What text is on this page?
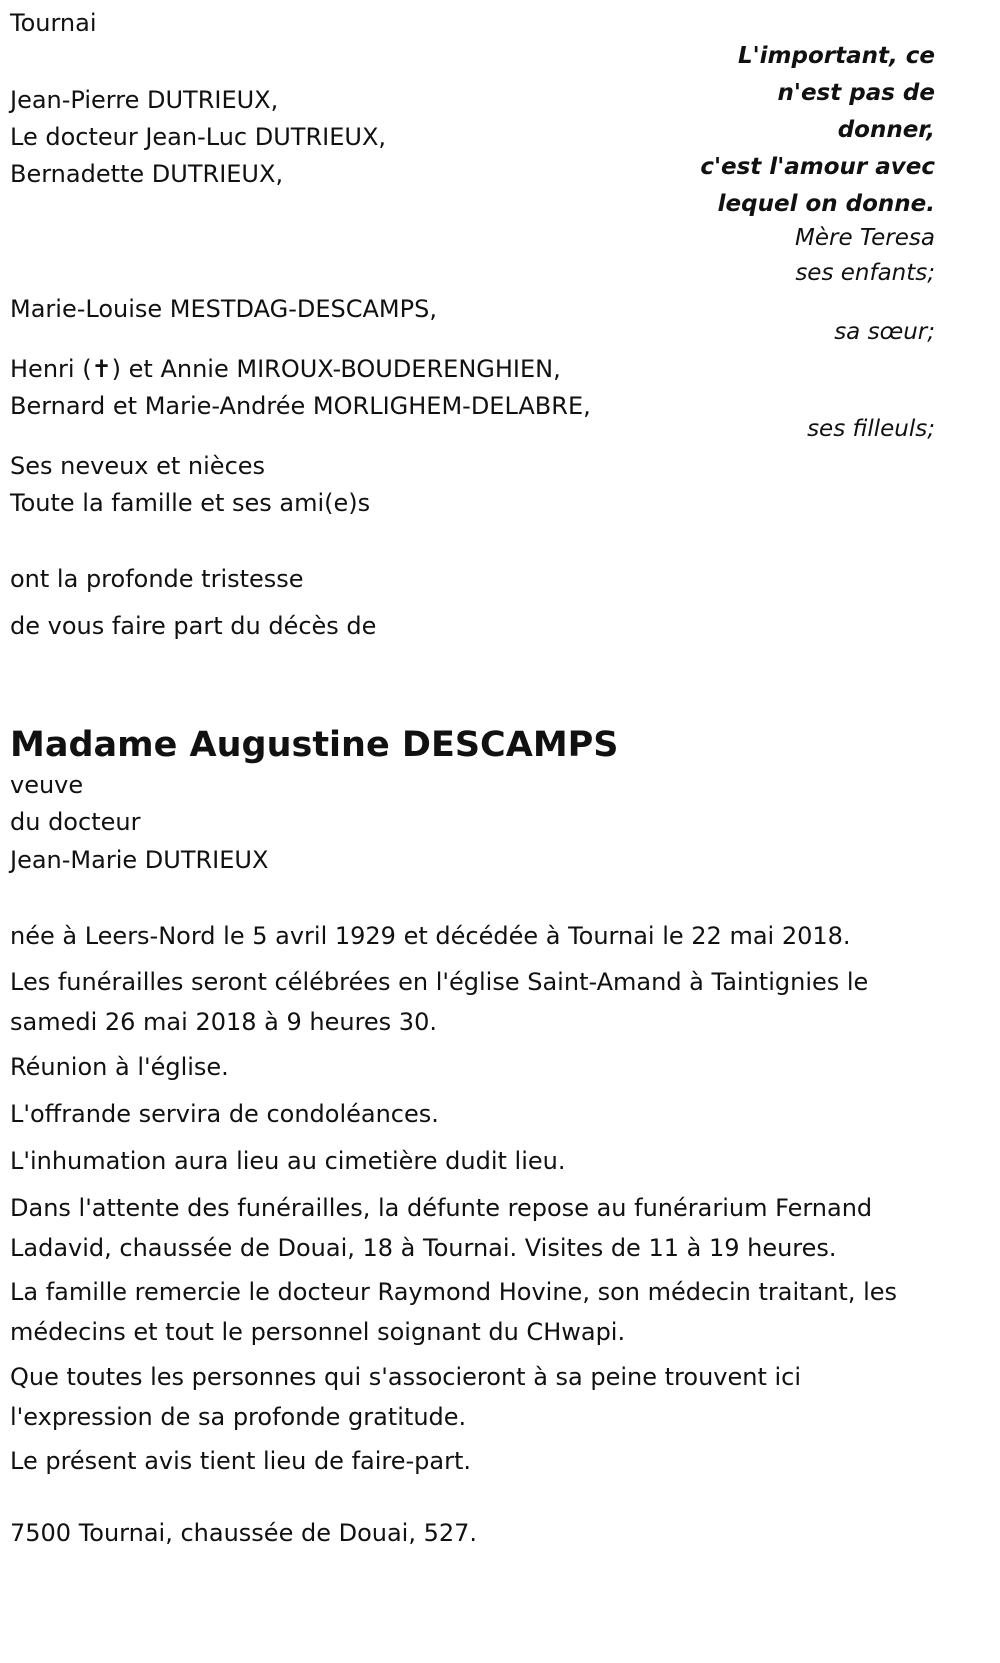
Tournai
L'important, ce
n'est pas de
donner,
c'est l'amour avec
lequel on donne.
Mère Teresa
Jean-Pierre DUTRIEUX,
Le docteur Jean-Luc DUTRIEUX,
Bernadette DUTRIEUX,
ses enfants;
Marie-Louise MESTDAG-DESCAMPS,
sa sœur;
Henri (✝) et Annie MIROUX-BOUDERENGHIEN,
Bernard et Marie-Andrée MORLIGHEM-DELABRE,
ses filleuls;
Ses neveux et nièces
Toute la famille et ses ami(e)s
ont la profonde tristesse
de vous faire part du décès de
Madame Augustine DESCAMPS
veuve
du docteur
Jean-Marie DUTRIEUX
née à Leers-Nord le 5 avril 1929 et décédée à Tournai le 22 mai 2018.
Les funérailles seront célébrées en l'église Saint-Amand à Taintignies le samedi 26 mai 2018 à 9 heures 30.
Réunion à l'église.
L'offrande servira de condoléances.
L'inhumation aura lieu au cimetière dudit lieu.
Dans l'attente des funérailles, la défunte repose au funérarium Fernand Ladavid, chaussée de Douai, 18 à Tournai. Visites de 11 à 19 heures.
La famille remercie le docteur Raymond Hovine, son médecin traitant, les médecins et tout le personnel soignant du CHwapi.
Que toutes les personnes qui s'associeront à sa peine trouvent ici l'expression de sa profonde gratitude.
Le présent avis tient lieu de faire-part.
7500 Tournai, chaussée de Douai, 527.
